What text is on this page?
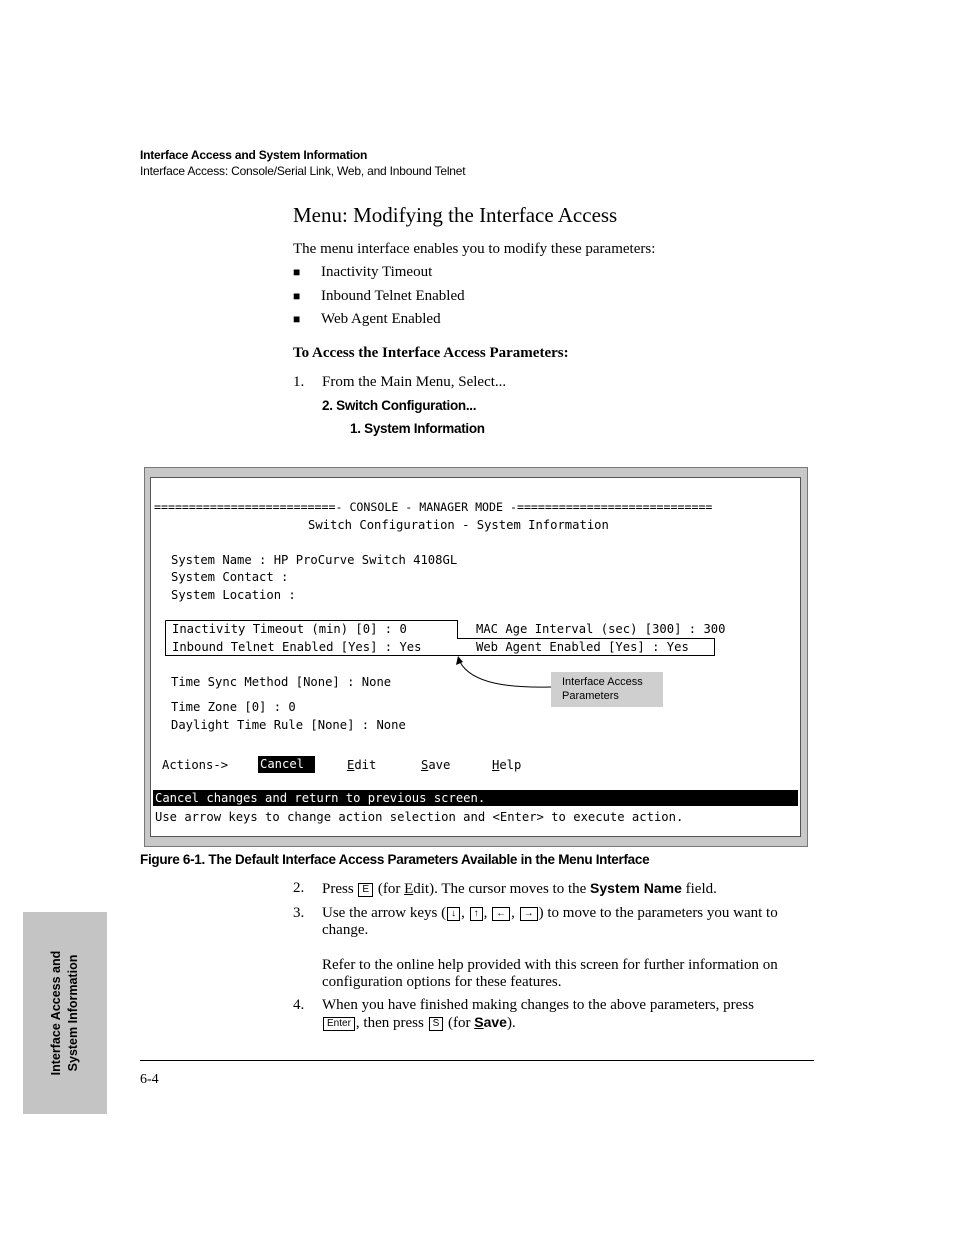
Interface Access and System Information
Interface Access: Console/Serial Link, Web, and Inbound Telnet
Menu: Modifying the Interface Access
The menu interface enables you to modify these parameters:
■ Inactivity Timeout
■ Inbound Telnet Enabled
■ Web Agent Enabled
To Access the Interface Access Parameters:
1. From the Main Menu, Select...
2. Switch Configuration...
1. System Information
==========================- CONSOLE - MANAGER MODE -============================
Switch Configuration - System Information
System Name : HP ProCurve Switch 4108GL
System Contact :
System Location :
Inactivity Timeout (min) [0] : 0	MAC Age Interval (sec) [300] : 300
Inbound Telnet Enabled [Yes] : Yes	Web Agent Enabled [Yes] : Yes
Interface Access
Parameters
Time Sync Method [None] : None
Time Zone [0] : 0
Daylight Time Rule [None] : None
Actions->	Cancel	Edit	Save	Help
Cancel changes and return to previous screen.
Use arrow keys to change action selection and <Enter> to execute action.
Figure 6-1. The Default Interface Access Parameters Available in the Menu Interface
2. Press E (for Edit). The cursor moves to the System Name field.
3. Use the arrow keys ( ↓ , ↑ , ← , → ) to move to the parameters you want to change.
Refer to the online help provided with this screen for further information on configuration options for these features.
4. When you have finished making changes to the above parameters, press
Enter , then press S (for Save).
6-4
Interface Access and System Information
